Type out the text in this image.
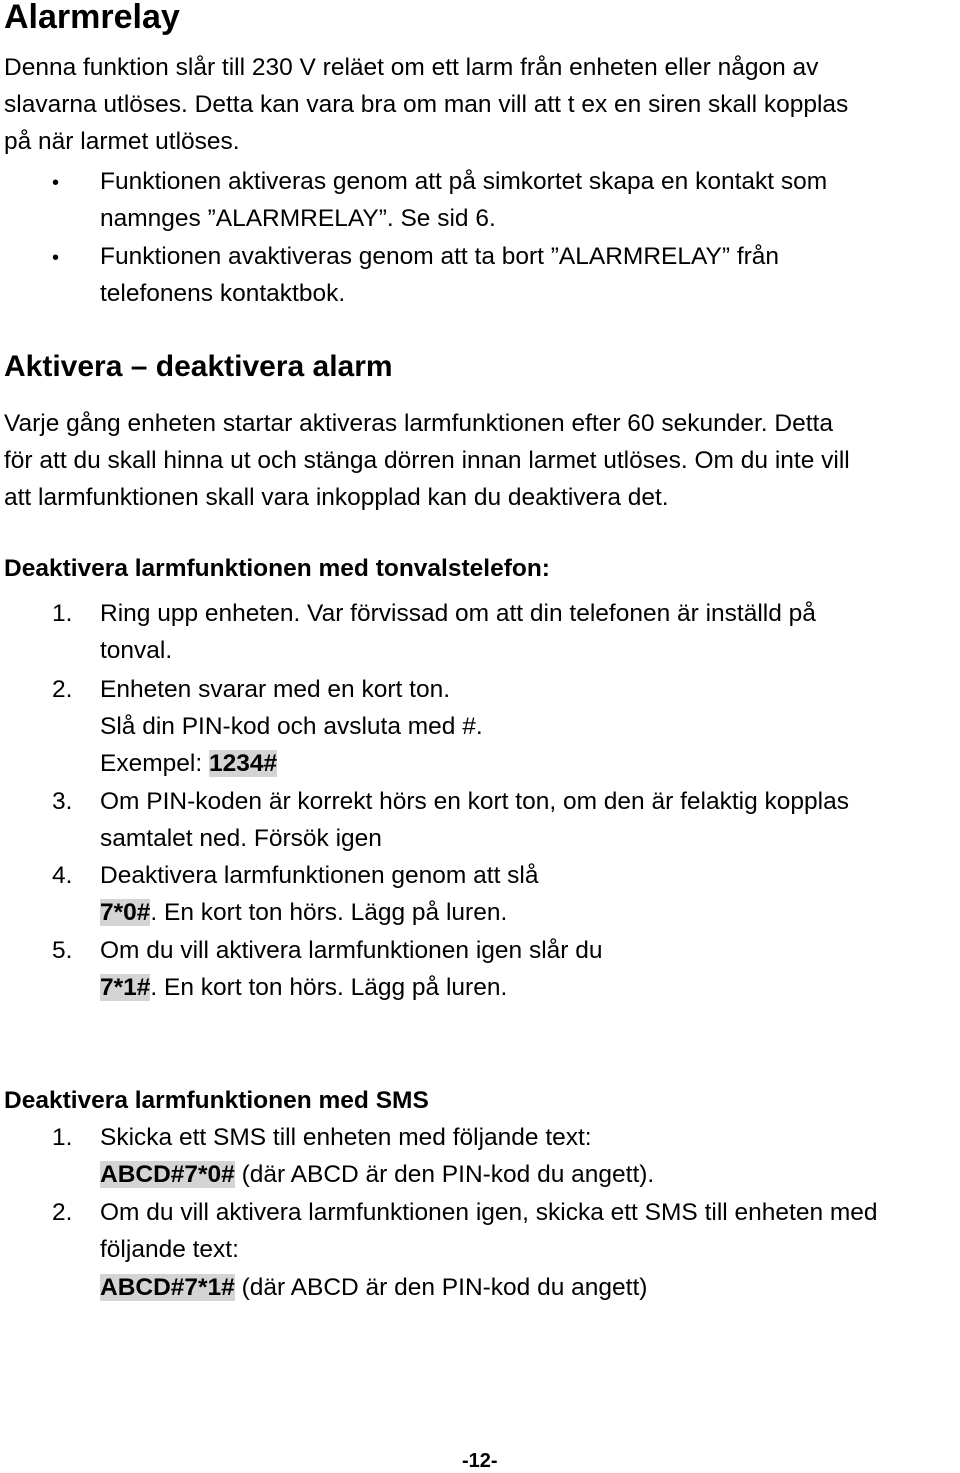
Alarmrelay
Denna funktion slår till 230 V reläet om ett larm från enheten eller någon av
slavarna utlöses. Detta kan vara bra om man vill att t ex en siren skall kopplas
på när larmet utlöses.
• Funktionen aktiveras genom att på simkortet skapa en kontakt som
namnges ”ALARMRELAY”. Se sid 6.
• Funktionen avaktiveras genom att ta bort ”ALARMRELAY” från
telefonens kontaktbok.
Aktivera – deaktivera alarm
Varje gång enheten startar aktiveras larmfunktionen efter 60 sekunder. Detta
för att du skall hinna ut och stänga dörren innan larmet utlöses. Om du inte vill
att larmfunktionen skall vara inkopplad kan du deaktivera det.
Deaktivera larmfunktionen med tonvalstelefon:
1. Ring upp enheten. Var förvissad om att din telefonen är inställd på
tonval.
2. Enheten svarar med en kort ton.
Slå din PIN-kod och avsluta med #.
Exempel: 1234#
3. Om PIN-koden är korrekt hörs en kort ton, om den är felaktig kopplas
samtalet ned. Försök igen
4. Deaktivera larmfunktionen genom att slå
7*0#. En kort ton hörs. Lägg på luren.
5. Om du vill aktivera larmfunktionen igen slår du
7*1#. En kort ton hörs. Lägg på luren.
Deaktivera larmfunktionen med SMS
1. Skicka ett SMS till enheten med följande text:
ABCD#7*0# (där ABCD är den PIN-kod du angett).
2. Om du vill aktivera larmfunktionen igen, skicka ett SMS till enheten med
följande text:
ABCD#7*1# (där ABCD är den PIN-kod du angett)
-12-
